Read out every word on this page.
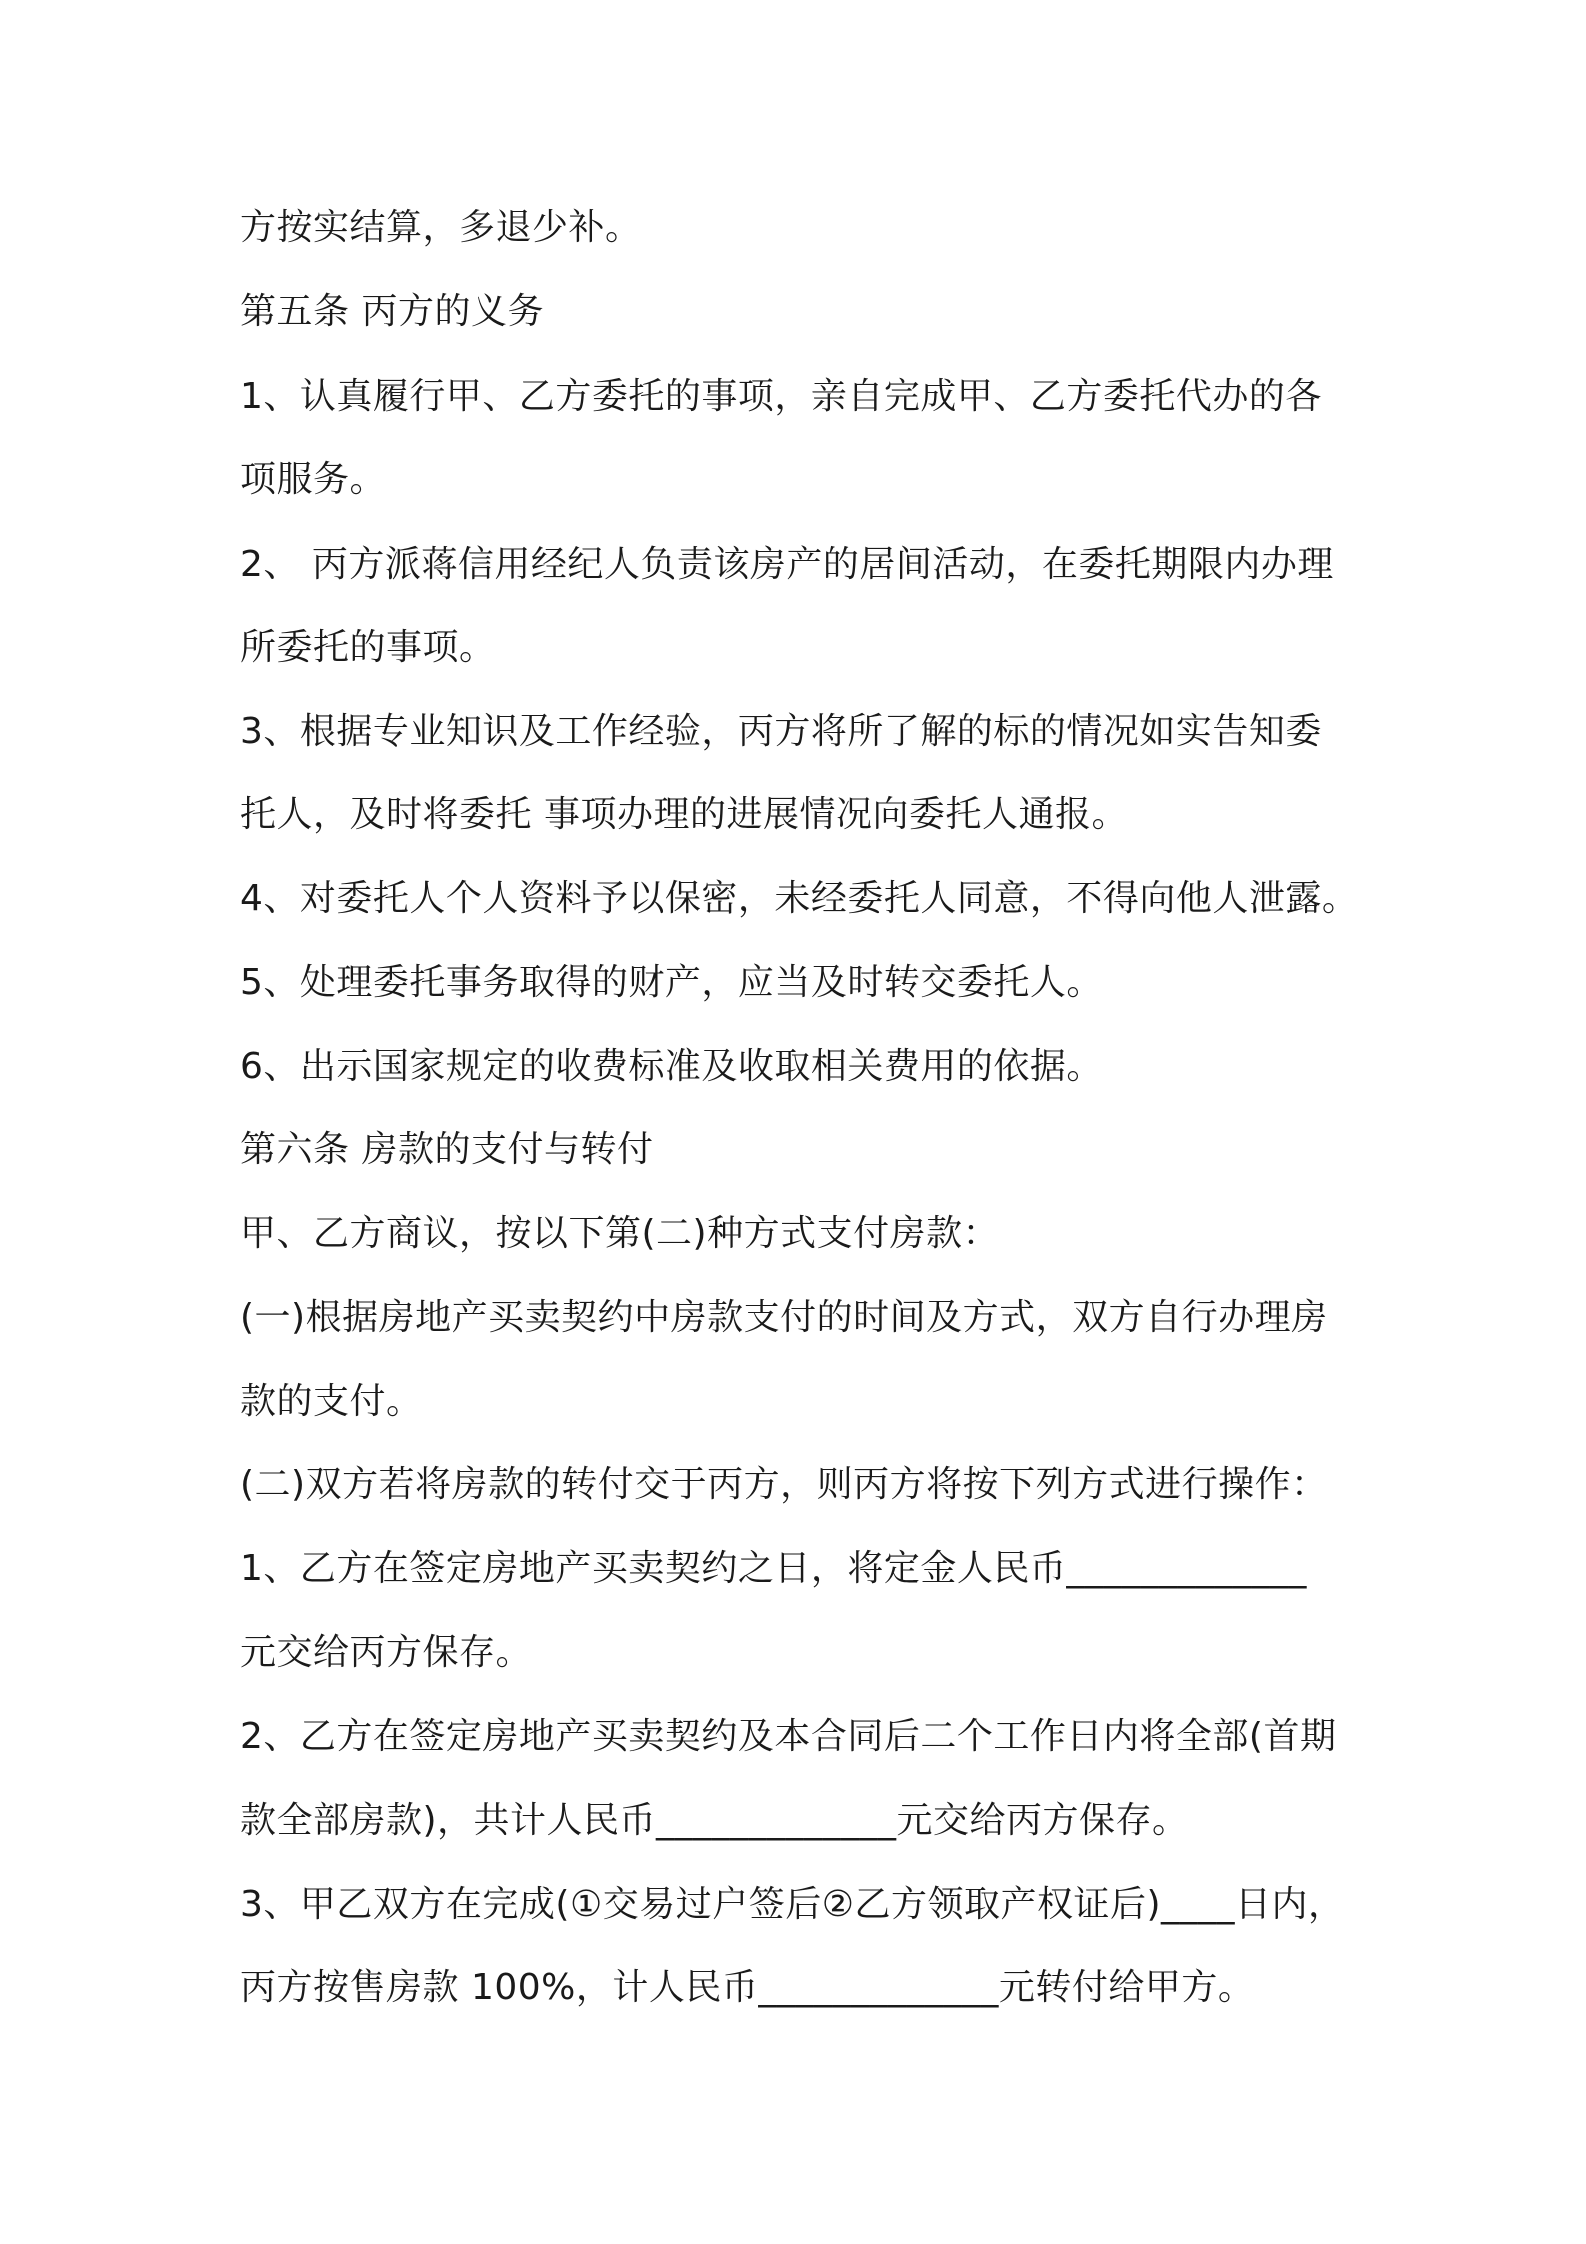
方按实结算，多退少补。
第五条 丙方的义务
1、认真履行甲、乙方委托的事项，亲自完成甲、乙方委托代办的各
项服务。
2、 丙方派蒋信用经纪人负责该房产的居间活动，在委托期限内办理
所委托的事项。
3、根据专业知识及工作经验，丙方将所了解的标的情况如实告知委
托人，及时将委托 事项办理的进展情况向委托人通报。
4、对委托人个人资料予以保密，未经委托人同意，不得向他人泄露。
5、处理委托事务取得的财产，应当及时转交委托人。
6、出示国家规定的收费标准及收取相关费用的依据。
第六条 房款的支付与转付
甲、乙方商议，按以下第(二)种方式支付房款：
(一)根据房地产买卖契约中房款支付的时间及方式，双方自行办理房
款的支付。
(二)双方若将房款的转付交于丙方，则丙方将按下列方式进行操作：
1、乙方在签定房地产买卖契约之日，将定金人民币_____________
元交给丙方保存。
2、乙方在签定房地产买卖契约及本合同后二个工作日内将全部(首期
款全部房款)，共计人民币_____________元交给丙方保存。
3、甲乙双方在完成(①交易过户签后②乙方领取产权证后)____日内，
丙方按售房款 100%，计人民币_____________元转付给甲方。
